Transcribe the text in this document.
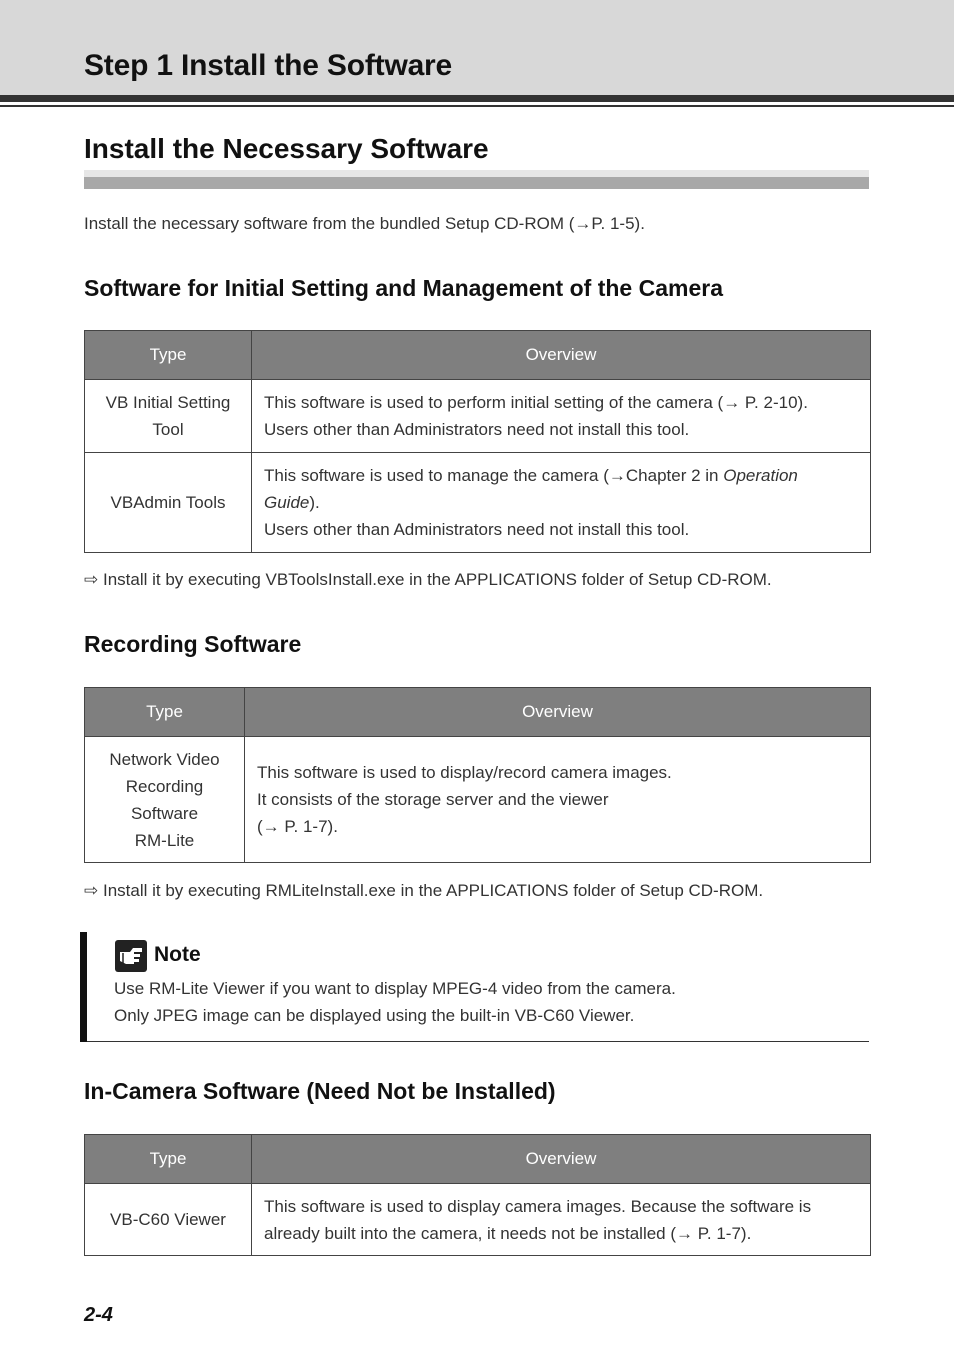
Step 1 Install the Software
Install the Necessary Software

Install the necessary software from the bundled Setup CD-ROM (→P. 1-5).

Software for Initial Setting and Management of the Camera
Type	Overview
VB Initial Setting
Tool	This software is used to perform initial setting of the camera (→ P. 2-10).
Users other than Administrators need not install this tool.
VBAdmin Tools	This software is used to manage the camera (→Chapter 2 in Operation Guide).
Users other than Administrators need not install this tool.

⇨ Install it by executing VBToolsInstall.exe in the APPLICATIONS folder of Setup CD-ROM.

Recording Software
Type	Overview
Network Video
Recording
Software
RM-Lite	This software is used to display/record camera images.
It consists of the storage server and the viewer
(→ P. 1-7).

⇨ Install it by executing RMLiteInstall.exe in the APPLICATIONS folder of Setup CD-ROM.

Note

Use RM-Lite Viewer if you want to display MPEG-4 video from the camera.

Only JPEG image can be displayed using the built-in VB-C60 Viewer.

In-Camera Software (Need Not be Installed)
Type	Overview
VB-C60 Viewer	This software is used to display camera images. Because the software is
already built into the camera, it needs not be installed (→ P. 1-7).

2-4
